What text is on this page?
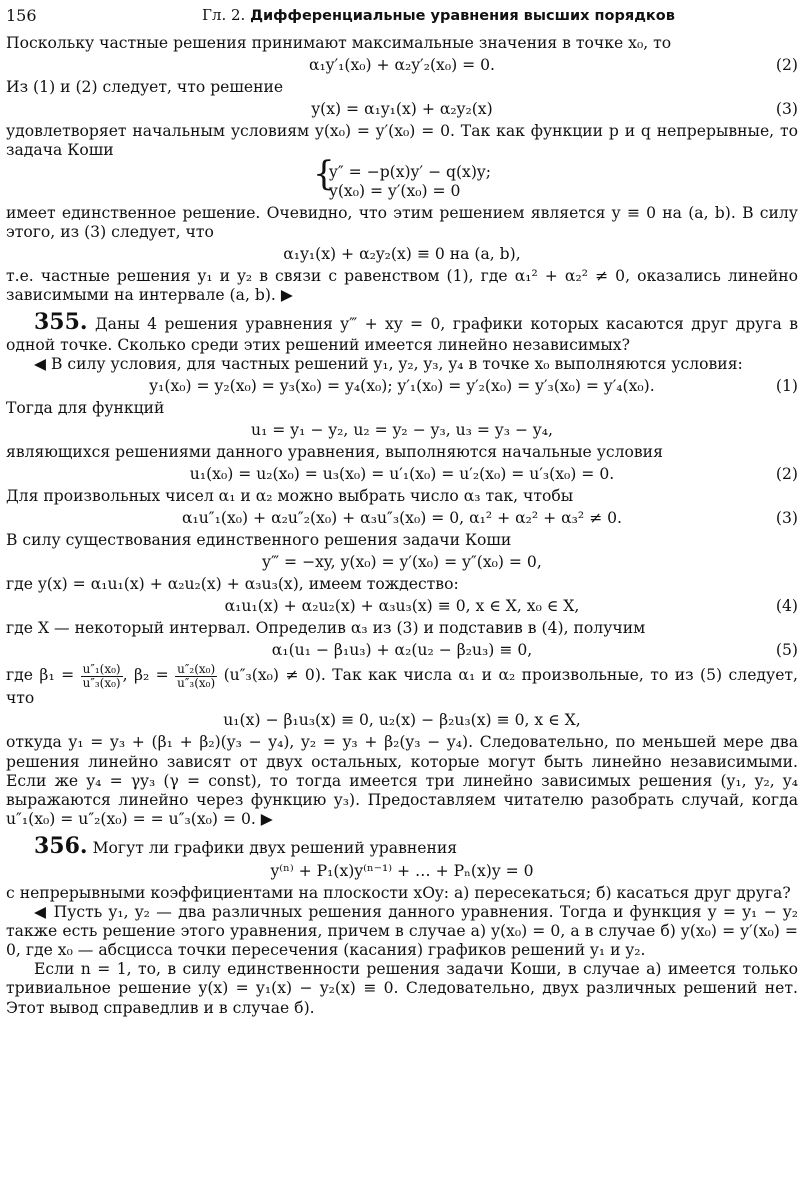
156	Гл. 2. Дифференциальные уравнения высших порядков

Поскольку частные решения принимают максимальные значения в точке x₀, то

α₁y′₁(x₀) + α₂y′₂(x₀) = 0.	(2)

Из (1) и (2) следует, что решение

y(x) = α₁y₁(x) + α₂y₂(x)	(3)

удовлетворяет начальным условиям y(x₀) = y′(x₀) = 0. Так как функции p и q непрерывные, то задача Коши

{
y″ = −p(x)y′ − q(x)y;
y(x₀) = y′(x₀) = 0

имеет единственное решение. Очевидно, что этим решением является y ≡ 0 на (a, b). В силу этого, из (3) следует, что

α₁y₁(x) + α₂y₂(x) ≡ 0 на (a, b),

т.е. частные решения y₁ и y₂ в связи с равенством (1), где α₁² + α₂² ≠ 0, оказались линейно зависимыми на интервале (a, b). ▶

355. Даны 4 решения уравнения y‴ + xy = 0, графики которых касаются друг друга в одной точке. Сколько среди этих решений имеется линейно независимых?

◀ В силу условия, для частных решений y₁, y₂, y₃, y₄ в точке x₀ выполняются условия:

y₁(x₀) = y₂(x₀) = y₃(x₀) = y₄(x₀); y′₁(x₀) = y′₂(x₀) = y′₃(x₀) = y′₄(x₀).	(1)

Тогда для функций

u₁ = y₁ − y₂, u₂ = y₂ − y₃, u₃ = y₃ − y₄,

являющихся решениями данного уравнения, выполняются начальные условия

u₁(x₀) = u₂(x₀) = u₃(x₀) = u′₁(x₀) = u′₂(x₀) = u′₃(x₀) = 0.	(2)

Для произвольных чисел α₁ и α₂ можно выбрать число α₃ так, чтобы

α₁u″₁(x₀) + α₂u″₂(x₀) + α₃u″₃(x₀) = 0, α₁² + α₂² + α₃² ≠ 0.	(3)

В силу существования единственного решения задачи Коши

y‴ = −xy, y(x₀) = y′(x₀) = y″(x₀) = 0,

где y(x) = α₁u₁(x) + α₂u₂(x) + α₃u₃(x), имеем тождество:

α₁u₁(x) + α₂u₂(x) + α₃u₃(x) ≡ 0, x ∈ X, x₀ ∈ X,	(4)

где X — некоторый интервал. Определив α₃ из (3) и подставив в (4), получим

α₁(u₁ − β₁u₃) + α₂(u₂ − β₂u₃) ≡ 0,	(5)

где $\beta_1 = \frac{\text{u″₁(x₀)}}{\text{u″₃(x₀)}}$ , $\beta_2 = \frac{\text{u″₂(x₀)}}{\text{u″₃(x₀)}} (u''_3(x_0) \ne 0)$. Так как числа α₁ и α₂ произвольные, то из (5) следует, что

u₁(x) − β₁u₃(x) ≡ 0, u₂(x) − β₂u₃(x) ≡ 0, x ∈ X,

откуда y₁ = y₃ + (β₁ + β₂)(y₃ − y₄), y₂ = y₃ + β₂(y₃ − y₄). Следовательно, по меньшей мере два решения линейно зависят от двух остальных, которые могут быть линейно независимыми. Если же y₄ = γy₃ (γ = const), то тогда имеется три линейно зависимых решения (y₁, y₂, y₄ выражаются линейно через функцию y₃). Предоставляем читателю разобрать случай, когда u″₁(x₀) = u″₂(x₀) = = u″₃(x₀) = 0. ▶

356. Могут ли графики двух решений уравнения

y⁽ⁿ⁾ + P₁(x)y⁽ⁿ⁻¹⁾ + … + Pₙ(x)y = 0

с непрерывными коэффициентами на плоскости xOy: а) пересекаться; б) касаться друг друга?

◀ Пусть y₁, y₂ — два различных решения данного уравнения. Тогда и функция y = y₁ − y₂ также есть решение этого уравнения, причем в случае а) y(x₀) = 0, а в случае б) y(x₀) = y′(x₀) = 0, где x₀ — абсцисса точки пересечения (касания) графиков решений y₁ и y₂.

Если n = 1, то, в силу единственности решения задачи Коши, в случае а) имеется только тривиальное решение y(x) = y₁(x) − y₂(x) ≡ 0. Следовательно, двух различных решений нет. Этот вывод справедлив и в случае б).
